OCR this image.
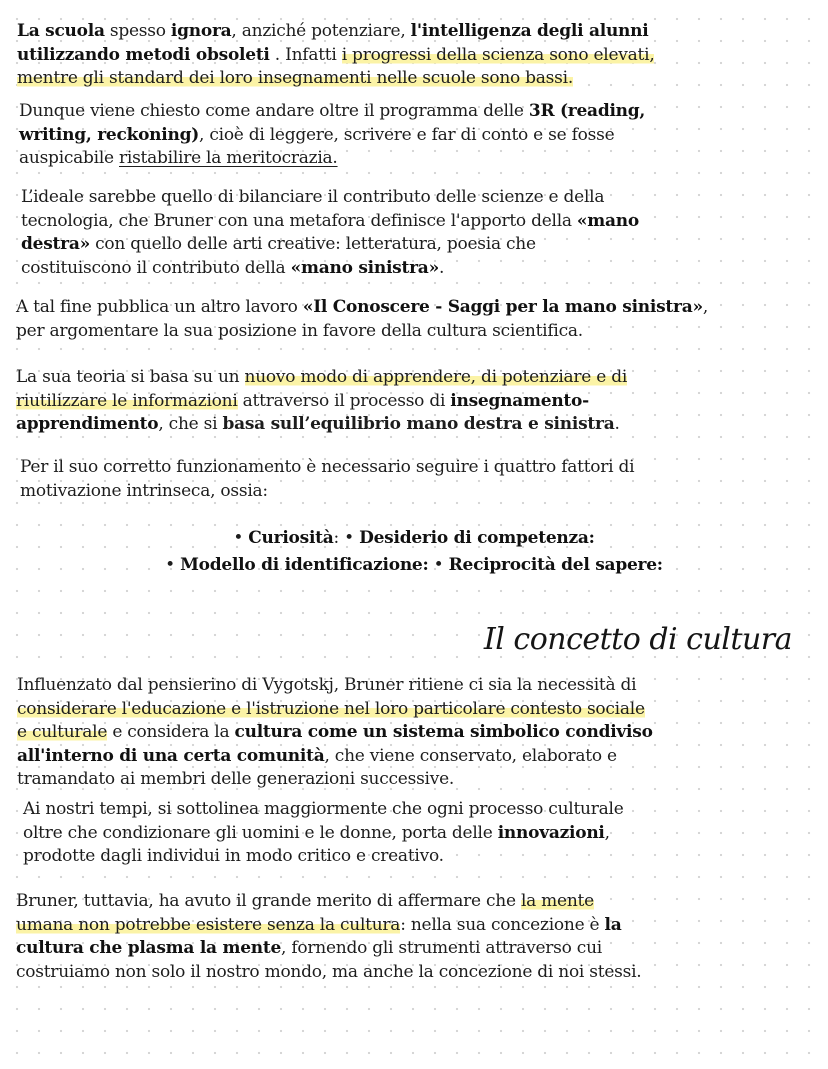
La scuola spesso ignora, anziché potenziare, l'intelligenza degli alunni
utilizzando metodi obsoleti . Infatti i progressi della scienza sono elevati,
mentre gli standard dei loro insegnamenti nelle scuole sono bassi.
Dunque viene chiesto come andare oltre il programma delle 3R (reading,
writing, reckoning), cioè di leggere, scrivere e far di conto e se fosse
auspicabile ristabilire la meritocrazia.
L’ideale sarebbe quello di bilanciare il contributo delle scienze e della
tecnologia, che Bruner con una metafora definisce l'apporto della «mano
destra» con quello delle arti creative: letteratura, poesia che
costituiscono il contributo della «mano sinistra».
A tal fine pubblica un altro lavoro «Il Conoscere - Saggi per la mano sinistra»,
per argomentare la sua posizione in favore della cultura scientifica.
La sua teoria si basa su un nuovo modo di apprendere, di potenziare e di
riutilizzare le informazioni attraverso il processo di insegnamento-
apprendimento, che si basa sull’equilibrio mano destra e sinistra.
Per il suo corretto funzionamento è necessario seguire i quattro fattori di
motivazione intrinseca, ossia:
• Curiosità: • Desiderio di competenza:
• Modello di identificazione: • Reciprocità del sapere:
Il concetto di cultura
Influenzato dal pensierino di Vygotskj, Bruner ritiene ci sia la necessità di
considerare l'educazione e l'istruzione nel loro particolare contesto sociale
e culturale e considera la cultura come un sistema simbolico condiviso
all'interno di una certa comunità, che viene conservato, elaborato e
tramandato ai membri delle generazioni successive.
Ai nostri tempi, si sottolinea maggiormente che ogni processo culturale
oltre che condizionare gli uomini e le donne, porta delle innovazioni,
prodotte dagli individui in modo critico e creativo.
Bruner, tuttavia, ha avuto il grande merito di affermare che la mente
umana non potrebbe esistere senza la cultura: nella sua concezione è la
cultura che plasma la mente, fornendo gli strumenti attraverso cui
costruiamo non solo il nostro mondo, ma anche la concezione di noi stessi.
